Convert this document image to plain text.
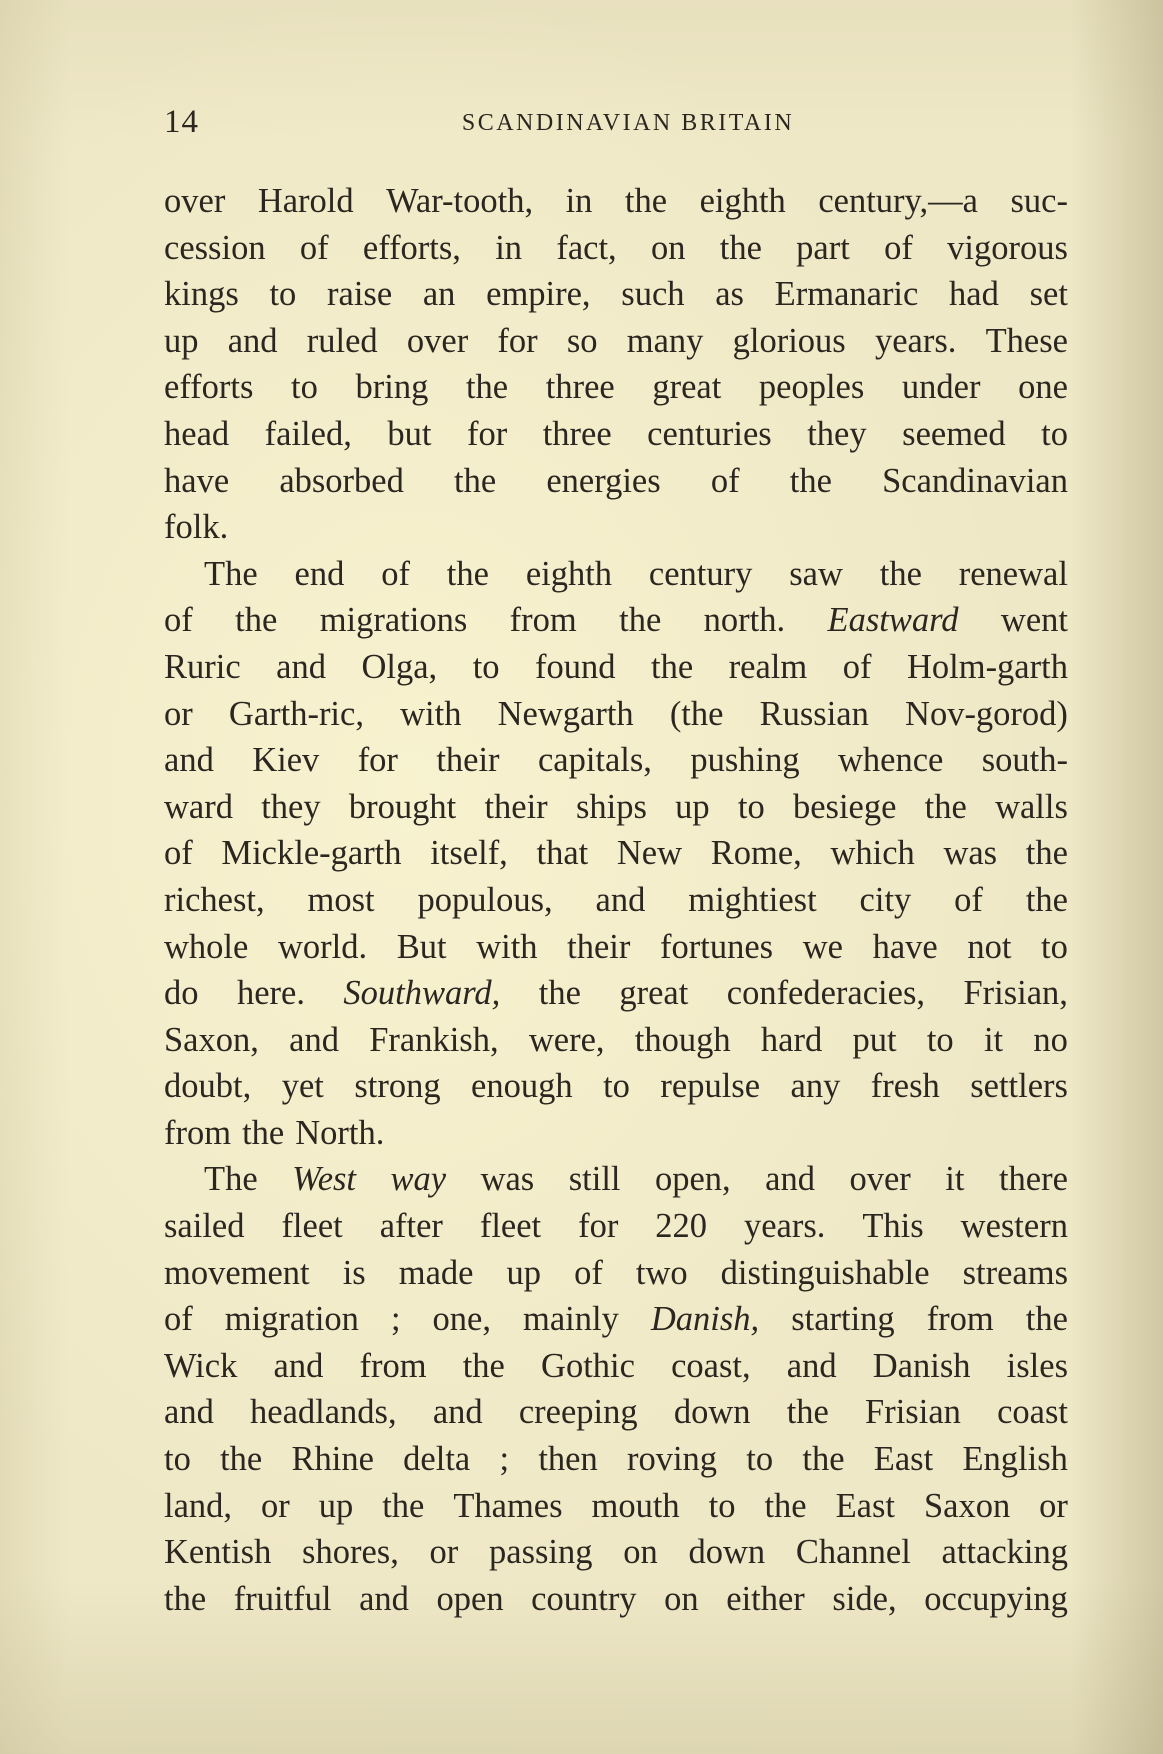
14	SCANDINAVIAN BRITAIN
over Harold War-tooth, in the eighth century,—a suc-
cession of efforts, in fact, on the part of vigorous
kings to raise an empire, such as Ermanaric had set
up and ruled over for so many glorious years. These
efforts to bring the three great peoples under one
head failed, but for three centuries they seemed to
have absorbed the energies of the Scandinavian
folk.
The end of the eighth century saw the renewal
of the migrations from the north. Eastward went
Ruric and Olga, to found the realm of Holm-garth
or Garth-ric, with Newgarth (the Russian Nov-gorod)
and Kiev for their capitals, pushing whence south-
ward they brought their ships up to besiege the walls
of Mickle-garth itself, that New Rome, which was the
richest, most populous, and mightiest city of the
whole world. But with their fortunes we have not to
do here. Southward, the great confederacies, Frisian,
Saxon, and Frankish, were, though hard put to it no
doubt, yet strong enough to repulse any fresh settlers
from the North.
The West way was still open, and over it there
sailed fleet after fleet for 220 years. This western
movement is made up of two distinguishable streams
of migration ; one, mainly Danish, starting from the
Wick and from the Gothic coast, and Danish isles
and headlands, and creeping down the Frisian coast
to the Rhine delta ; then roving to the East English
land, or up the Thames mouth to the East Saxon or
Kentish shores, or passing on down Channel attacking
the fruitful and open country on either side, occupying
